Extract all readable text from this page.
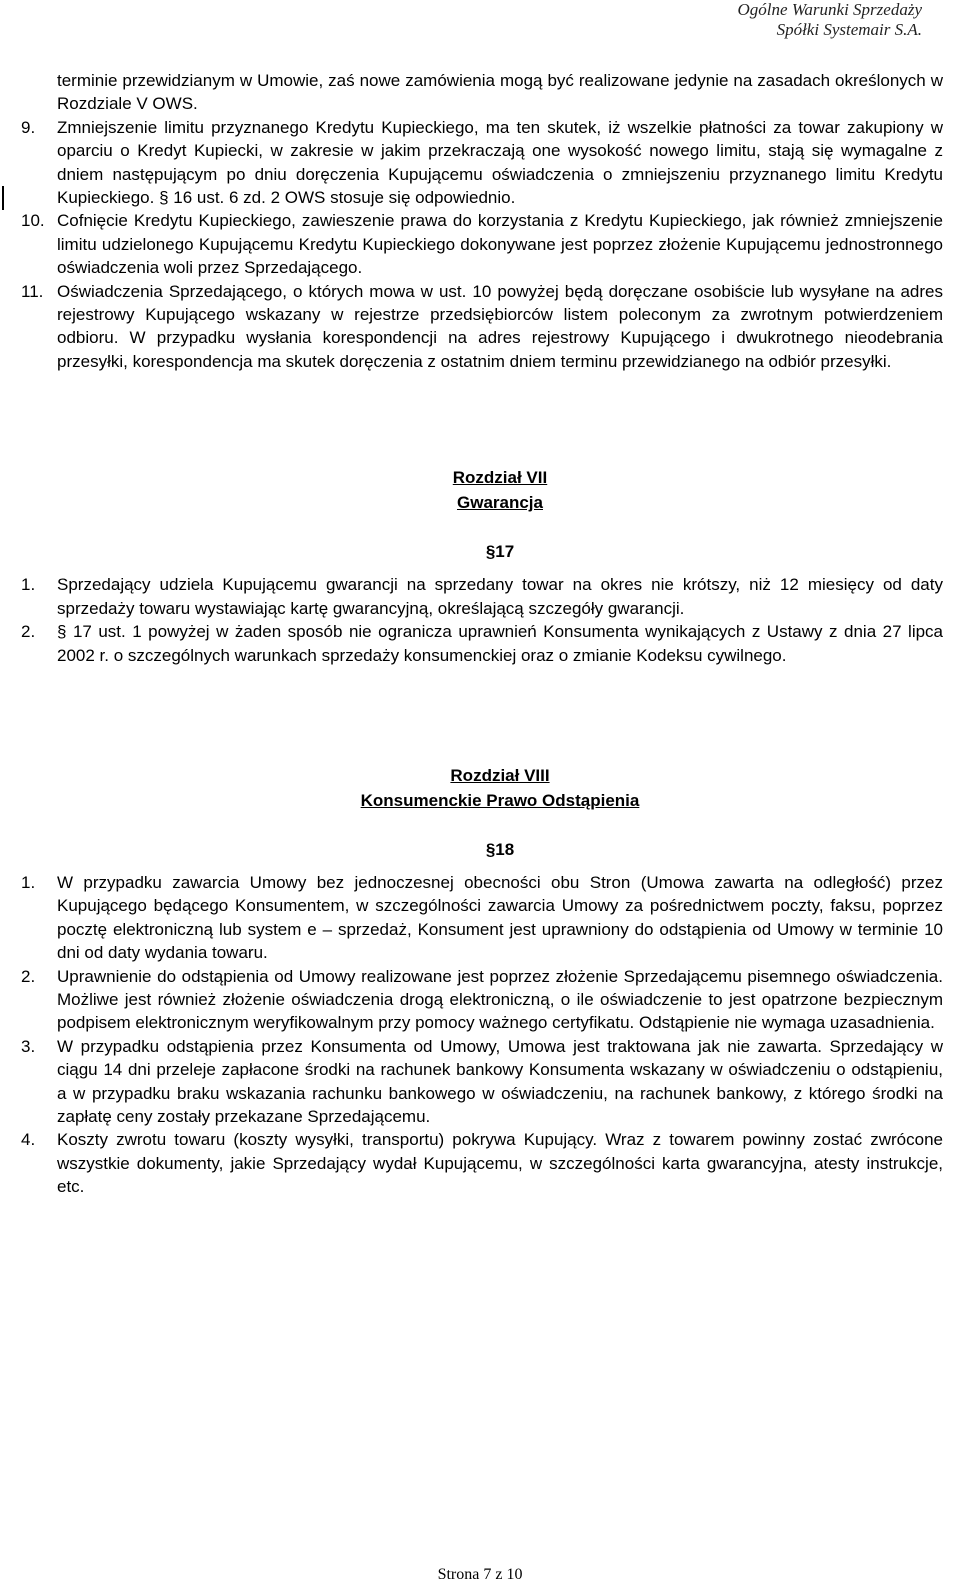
Ogólne Warunki Sprzedaży
Spółki Systemair S.A.

terminie przewidzianym w Umowie, zaś nowe zamówienia mogą być realizowane jedynie na zasadach określonych w Rozdziale V OWS.

9.	Zmniejszenie limitu przyznanego Kredytu Kupieckiego, ma ten skutek, iż wszelkie płatności za towar zakupiony w oparciu o Kredyt Kupiecki, w zakresie w jakim przekraczają one wysokość nowego limitu, stają się wymagalne z dniem następującym po dniu doręczenia Kupującemu oświadczenia o zmniejszeniu przyznanego limitu Kredytu Kupieckiego. § 16 ust. 6 zd. 2 OWS stosuje się odpowiednio.
10. Cofnięcie Kredytu Kupieckiego, zawieszenie prawa do korzystania z Kredytu Kupieckiego, jak również zmniejszenie limitu udzielonego Kupującemu Kredytu Kupieckiego dokonywane jest poprzez złożenie Kupującemu jednostronnego oświadczenia woli przez Sprzedającego.
11. Oświadczenia Sprzedającego, o których mowa w ust. 10 powyżej będą doręczane osobiście lub wysyłane na adres rejestrowy Kupującego wskazany w rejestrze przedsiębiorców listem poleconym za zwrotnym potwierdzeniem odbioru. W przypadku wysłania korespondencji na adres rejestrowy Kupującego i dwukrotnego nieodebrania przesyłki, korespondencja ma skutek doręczenia z ostatnim dniem terminu przewidzianego na odbiór przesyłki.

Rozdział VII

Gwarancja

§17

1.	Sprzedający udziela Kupującemu gwarancji na sprzedany towar na okres nie krótszy, niż 12 miesięcy od daty sprzedaży towaru wystawiając kartę gwarancyjną, określającą szczegóły gwarancji.
2.	§ 17 ust. 1 powyżej w żaden sposób nie ogranicza uprawnień Konsumenta wynikających z Ustawy z dnia 27 lipca 2002 r. o szczególnych warunkach sprzedaży konsumenckiej oraz o zmianie Kodeksu cywilnego.

Rozdział VIII

Konsumenckie Prawo Odstąpienia

§18

1.	W przypadku zawarcia Umowy bez jednoczesnej obecności obu Stron (Umowa zawarta na odległość) przez Kupującego będącego Konsumentem, w szczególności zawarcia Umowy za pośrednictwem poczty, faksu, poprzez pocztę elektroniczną lub system e – sprzedaż, Konsument jest uprawniony do odstąpienia od Umowy w terminie 10 dni od daty wydania towaru.
2.	Uprawnienie do odstąpienia od Umowy realizowane jest poprzez złożenie Sprzedającemu pisemnego oświadczenia. Możliwe jest również złożenie oświadczenia drogą elektroniczną, o ile oświadczenie to jest opatrzone bezpiecznym podpisem elektronicznym weryfikowalnym przy pomocy ważnego certyfikatu. Odstąpienie nie wymaga uzasadnienia.
3.	W przypadku odstąpienia przez Konsumenta od Umowy, Umowa jest traktowana jak nie zawarta. Sprzedający w ciągu 14 dni przeleje zapłacone środki na rachunek bankowy Konsumenta wskazany w oświadczeniu o odstąpieniu, a w przypadku braku wskazania rachunku bankowego w oświadczeniu, na rachunek bankowy, z którego środki na zapłatę ceny zostały przekazane Sprzedającemu.
4.	Koszty zwrotu towaru (koszty wysyłki, transportu) pokrywa Kupujący. Wraz z towarem powinny zostać zwrócone wszystkie dokumenty, jakie Sprzedający wydał Kupującemu, w szczególności karta gwarancyjna, atesty instrukcje, etc.
Strona 7 z 10
